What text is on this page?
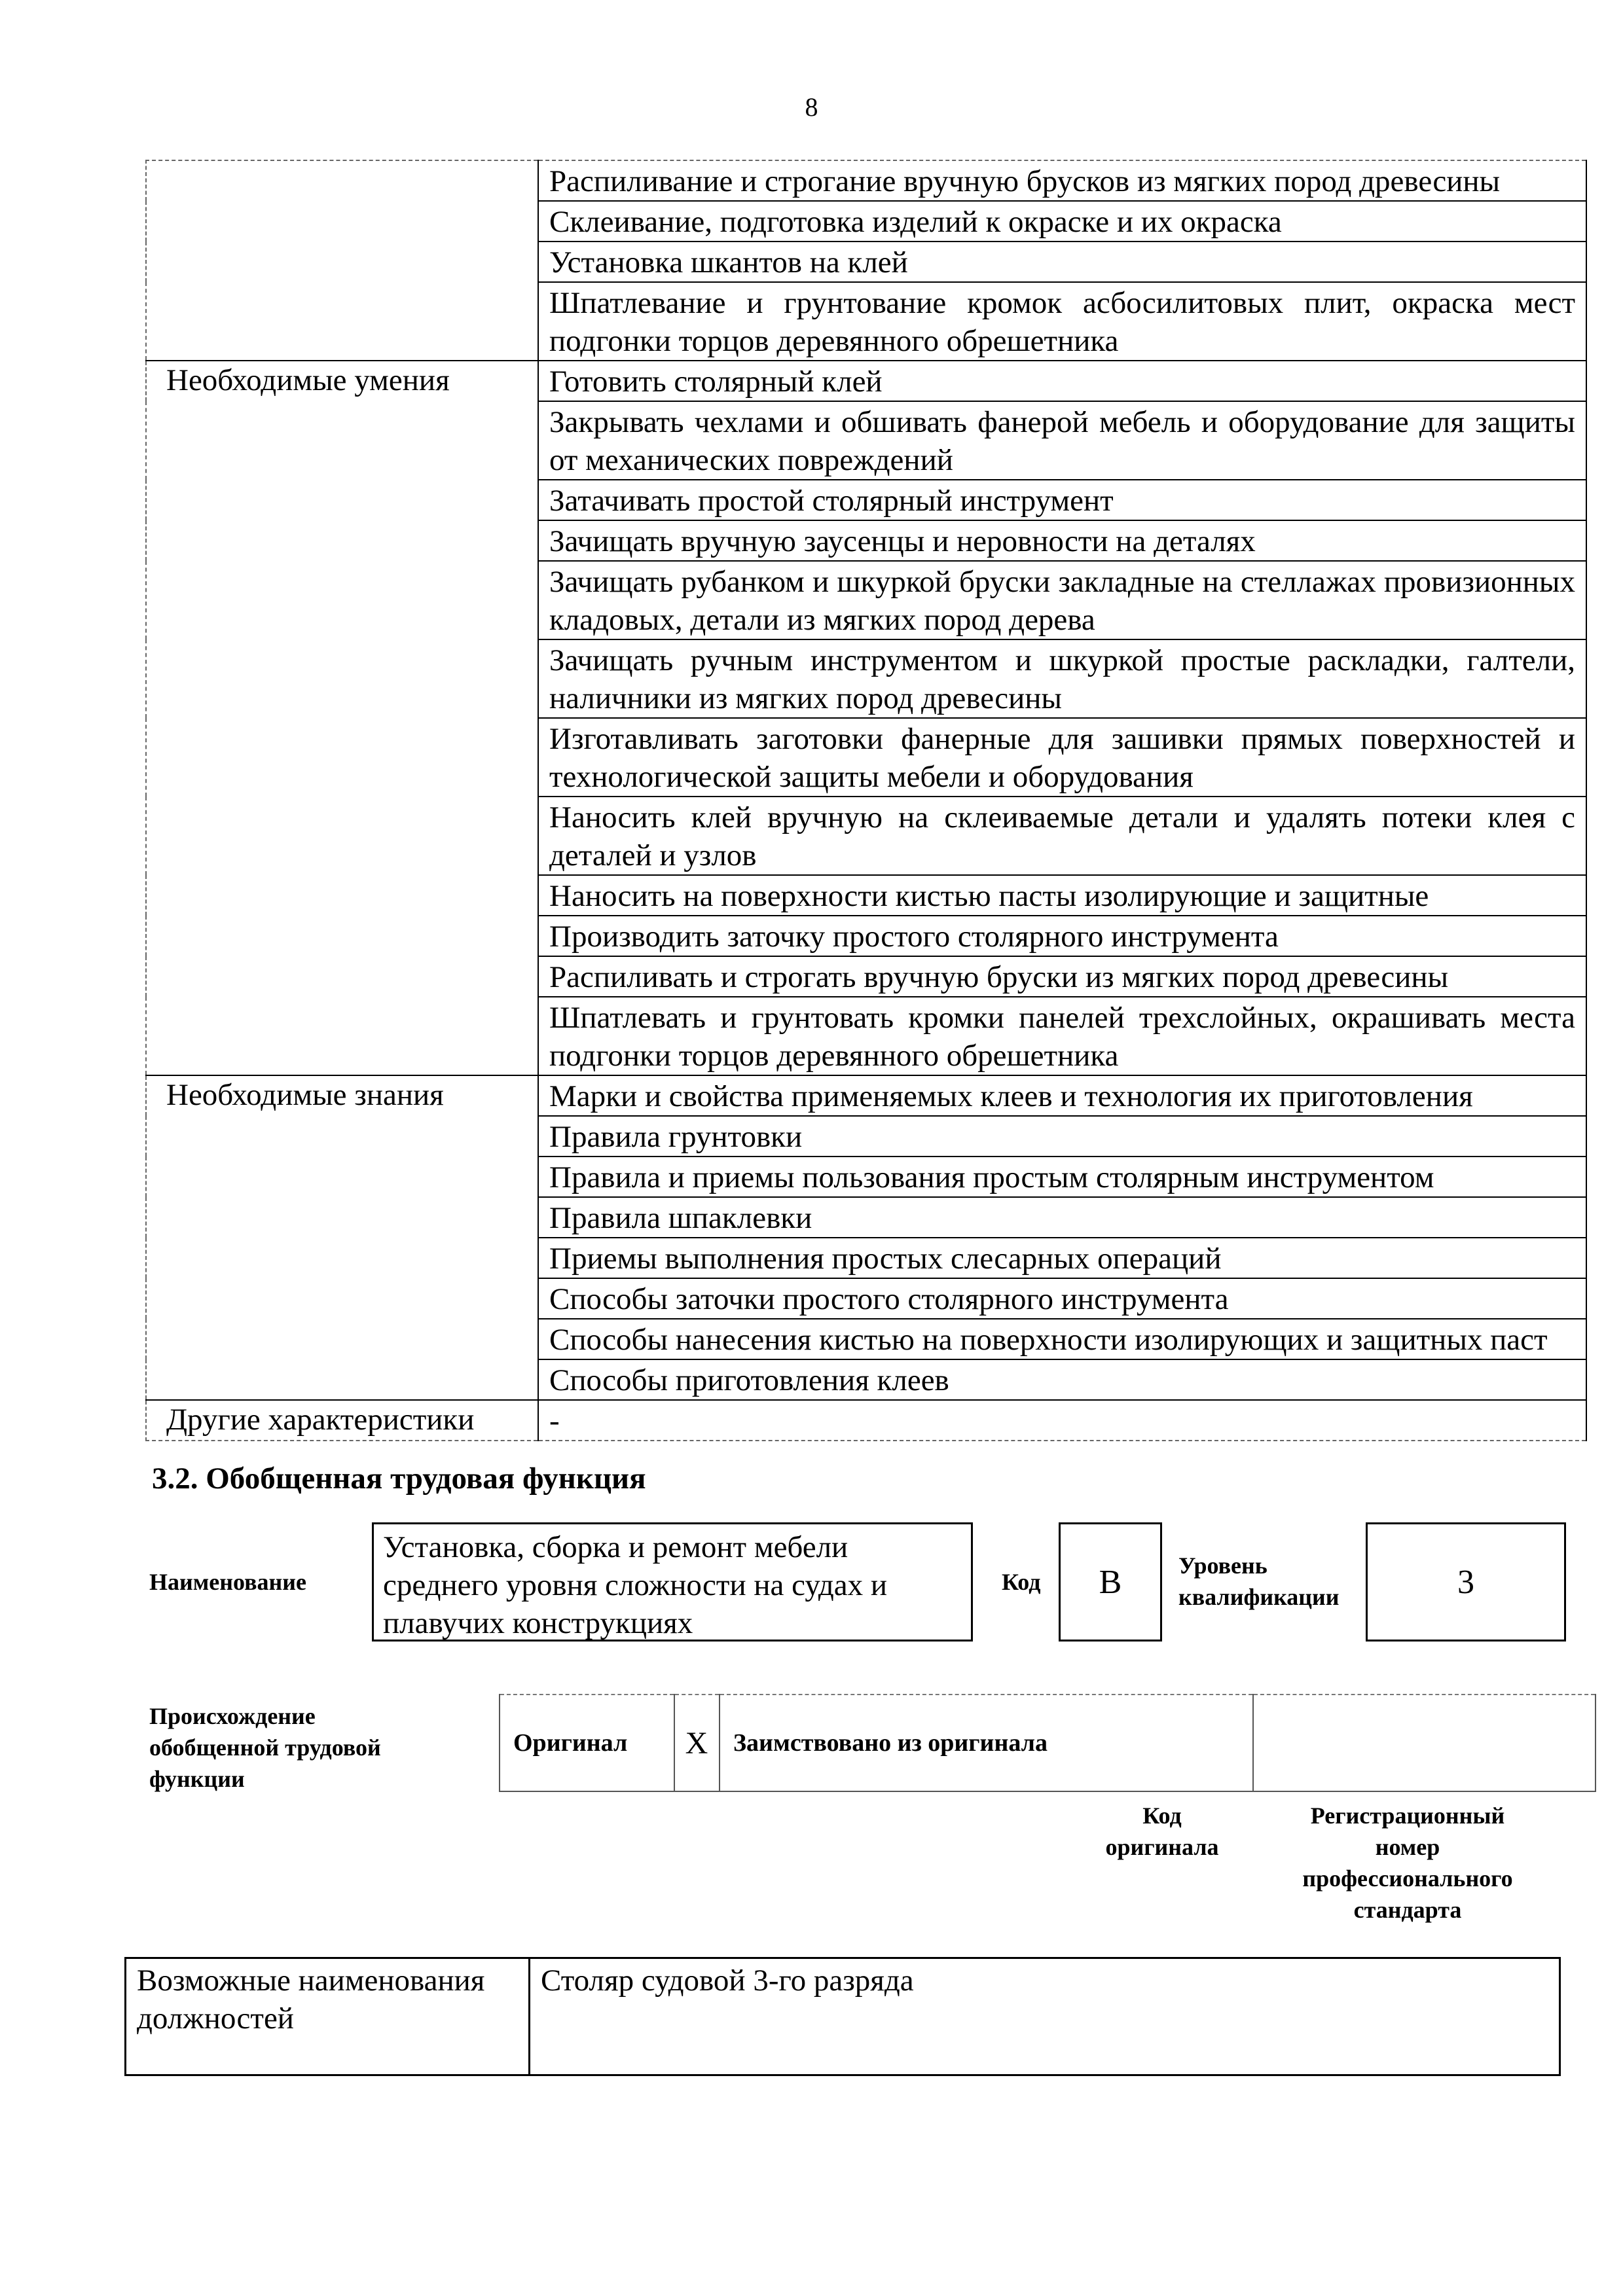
8
	Распиливание и строгание вручную брусков из мягких пород древесины
	Склеивание, подготовка изделий к окраске и их окраска
	Установка шкантов на клей
	Шпатлевание и грунтование кромок асбосилитовых плит, окраска мест подгонки торцов деревянного обрешетника
Необходимые умения	Готовить столярный клей
	Закрывать чехлами и обшивать фанерой мебель и оборудование для защиты от механических повреждений
	Затачивать простой столярный инструмент
	Зачищать вручную заусенцы и неровности на деталях
	Зачищать рубанком и шкуркой бруски закладные на стеллажах провизионных кладовых, детали из мягких пород дерева
	Зачищать ручным инструментом и шкуркой простые раскладки, галтели, наличники из мягких пород древесины
	Изготавливать заготовки фанерные для зашивки прямых поверхностей и технологической защиты мебели и оборудования
	Наносить клей вручную на склеиваемые детали и удалять потеки клея с деталей и узлов
	Наносить на поверхности кистью пасты изолирующие и защитные
	Производить заточку простого столярного инструмента
	Распиливать и строгать вручную бруски из мягких пород древесины
	Шпатлевать и грунтовать кромки панелей трехслойных, окрашивать места подгонки торцов деревянного обрешетника
Необходимые знания	Марки и свойства применяемых клеев и технология их приготовления
	Правила грунтовки
	Правила и приемы пользования простым столярным инструментом
	Правила шпаклевки
	Приемы выполнения простых слесарных операций
	Способы заточки простого столярного инструмента
	Способы нанесения кистью на поверхности изолирующих и защитных паст
	Способы приготовления клеев
Другие характеристики	-
3.2. Обобщенная трудовая функция
Наименование
Установка, сборка и ремонт мебели среднего уровня сложности на судах и плавучих конструкциях
Код	B	Уровень
квалификации	3
Происхождение
обобщенной трудовой
функции
Оригинал	X	Заимствовано из оригинала	
Код
оригинала
Регистрационный
номер
профессионального
стандарта
Возможные наименования должностей	Столяр судовой 3-го разряда
